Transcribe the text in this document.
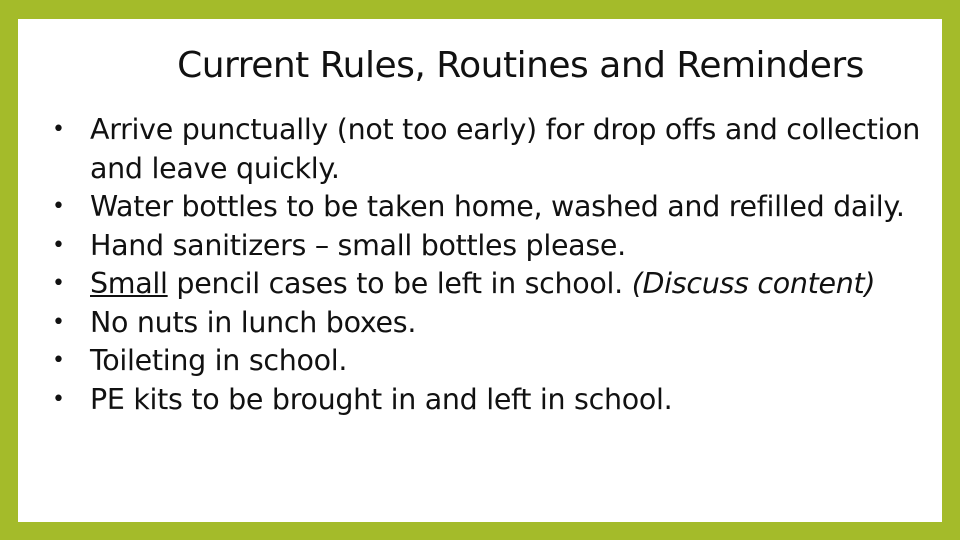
Current Rules, Routines and Reminders
• Arrive punctually (not too early) for drop offs and collection and leave quickly.
• Water bottles to be taken home, washed and refilled daily.
• Hand sanitizers – small bottles please.
• Small pencil cases to be left in school. (Discuss content)
• No nuts in lunch boxes.
• Toileting in school.
• PE kits to be brought in and left in school.
